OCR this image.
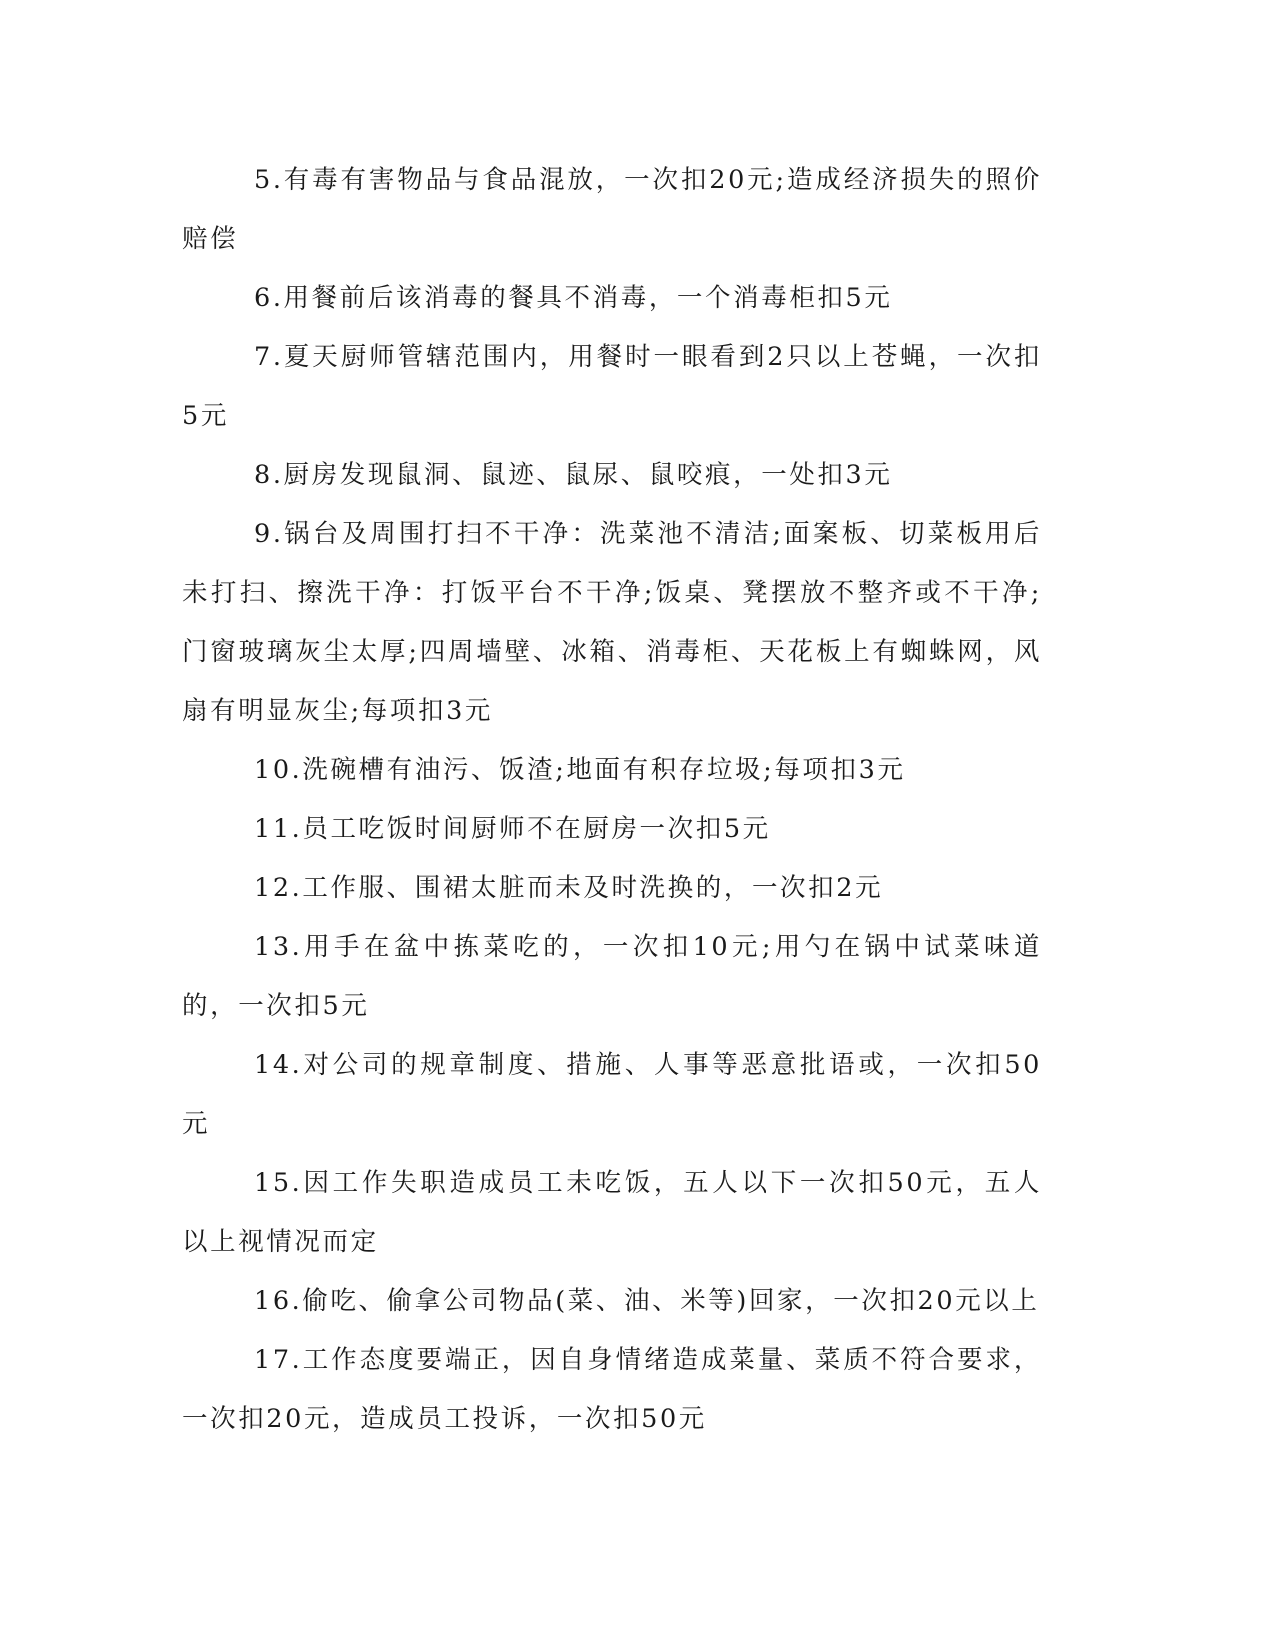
5.有毒有害物品与食品混放，一次扣20元;造成经济损失的照价赔偿

6.用餐前后该消毒的餐具不消毒，一个消毒柜扣5元

7.夏天厨师管辖范围内，用餐时一眼看到2只以上苍蝇，一次扣5元

8.厨房发现鼠洞、鼠迹、鼠尿、鼠咬痕，一处扣3元

9.锅台及周围打扫不干净：洗菜池不清洁;面案板、切菜板用后未打扫、擦洗干净：打饭平台不干净;饭桌、凳摆放不整齐或不干净;门窗玻璃灰尘太厚;四周墙壁、冰箱、消毒柜、天花板上有蜘蛛网，风扇有明显灰尘;每项扣3元

10.洗碗槽有油污、饭渣;地面有积存垃圾;每项扣3元

11.员工吃饭时间厨师不在厨房一次扣5元

12.工作服、围裙太脏而未及时洗换的，一次扣2元

13.用手在盆中拣菜吃的，一次扣10元;用勺在锅中试菜味道的，一次扣5元

14.对公司的规章制度、措施、人事等恶意批语或，一次扣50元

15.因工作失职造成员工未吃饭，五人以下一次扣50元，五人以上视情况而定

16.偷吃、偷拿公司物品(菜、油、米等)回家，一次扣20元以上

17.工作态度要端正，因自身情绪造成菜量、菜质不符合要求，一次扣20元，造成员工投诉，一次扣50元
